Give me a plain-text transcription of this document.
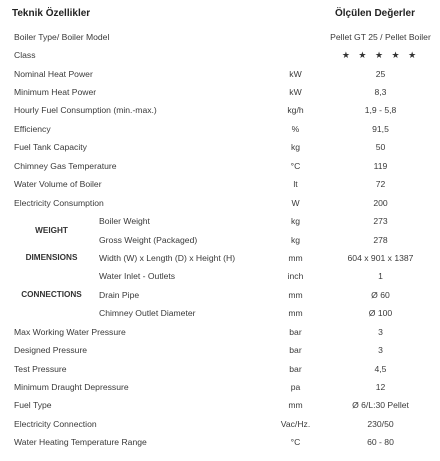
Teknik Özellikler	Ölçülen Değerler
Boiler Type/ Boiler Model			Pellet GT 25 / Pellet Boiler
Class			★ ★ ★ ★ ★
Nominal Heat Power		kW	25
Minimum Heat Power		kW	8,3
Hourly Fuel Consumption (min.-max.)		kg/h	1,9 - 5,8
Efficiency		%	91,5
Fuel Tank Capacity		kg	50
Chimney Gas Temperature		°C	119
Water Volume of Boiler		lt	72
Electricity Consumption		W	200
WEIGHT	Boiler Weight	kg	273
	Gross Weight (Packaged)	kg	278
DIMENSIONS	Width (W) x Length (D) x Height (H)	mm	604 x 901 x 1387
CONNECTIONS	Water Inlet - Outlets	inch	1
	Drain Pipe	mm	Ø 60
	Chimney Outlet Diameter	mm	Ø 100
Max Working Water Pressure		bar	3
Designed Pressure		bar	3
Test Pressure		bar	4,5
Minimum Draught Depressure		pa	12
Fuel Type		mm	Ø 6/L:30 Pellet
Electricity Connection		Vac/Hz.	230/50
Water Heating Temperature Range		°C	60 - 80
